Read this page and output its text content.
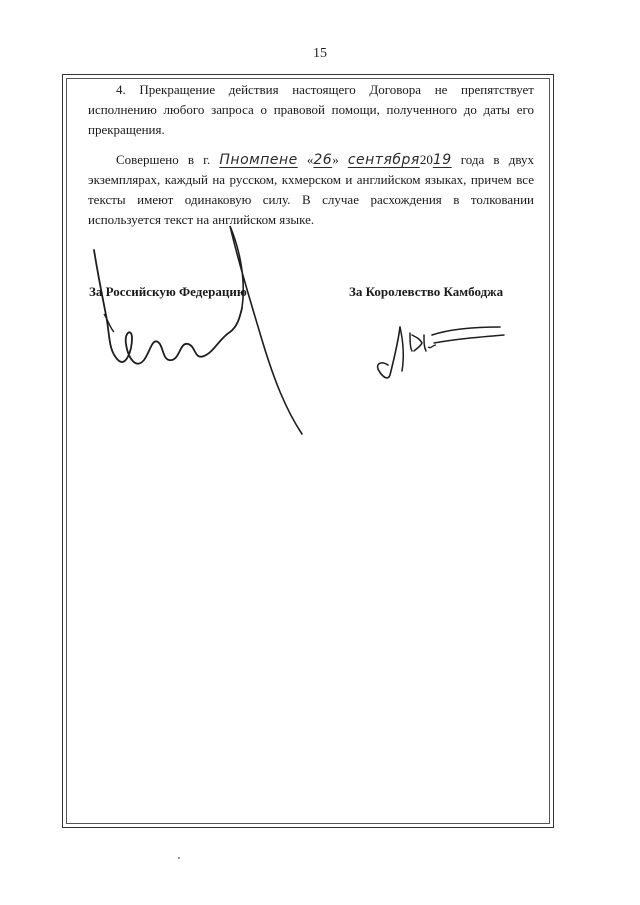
15
4. Прекращение действия настоящего Договора не препятствует исполнению любого запроса о правовой помощи, полученного до даты его прекращения.
Совершено в г. Пномпене «26» сентября2019 года в двух экземплярах, каждый на русском, кхмерском и английском языках, причем все тексты имеют одинаковую силу. В случае расхождения в толковании используется текст на английском языке.
За Российскую Федерацию	За Королевство Камбоджа
